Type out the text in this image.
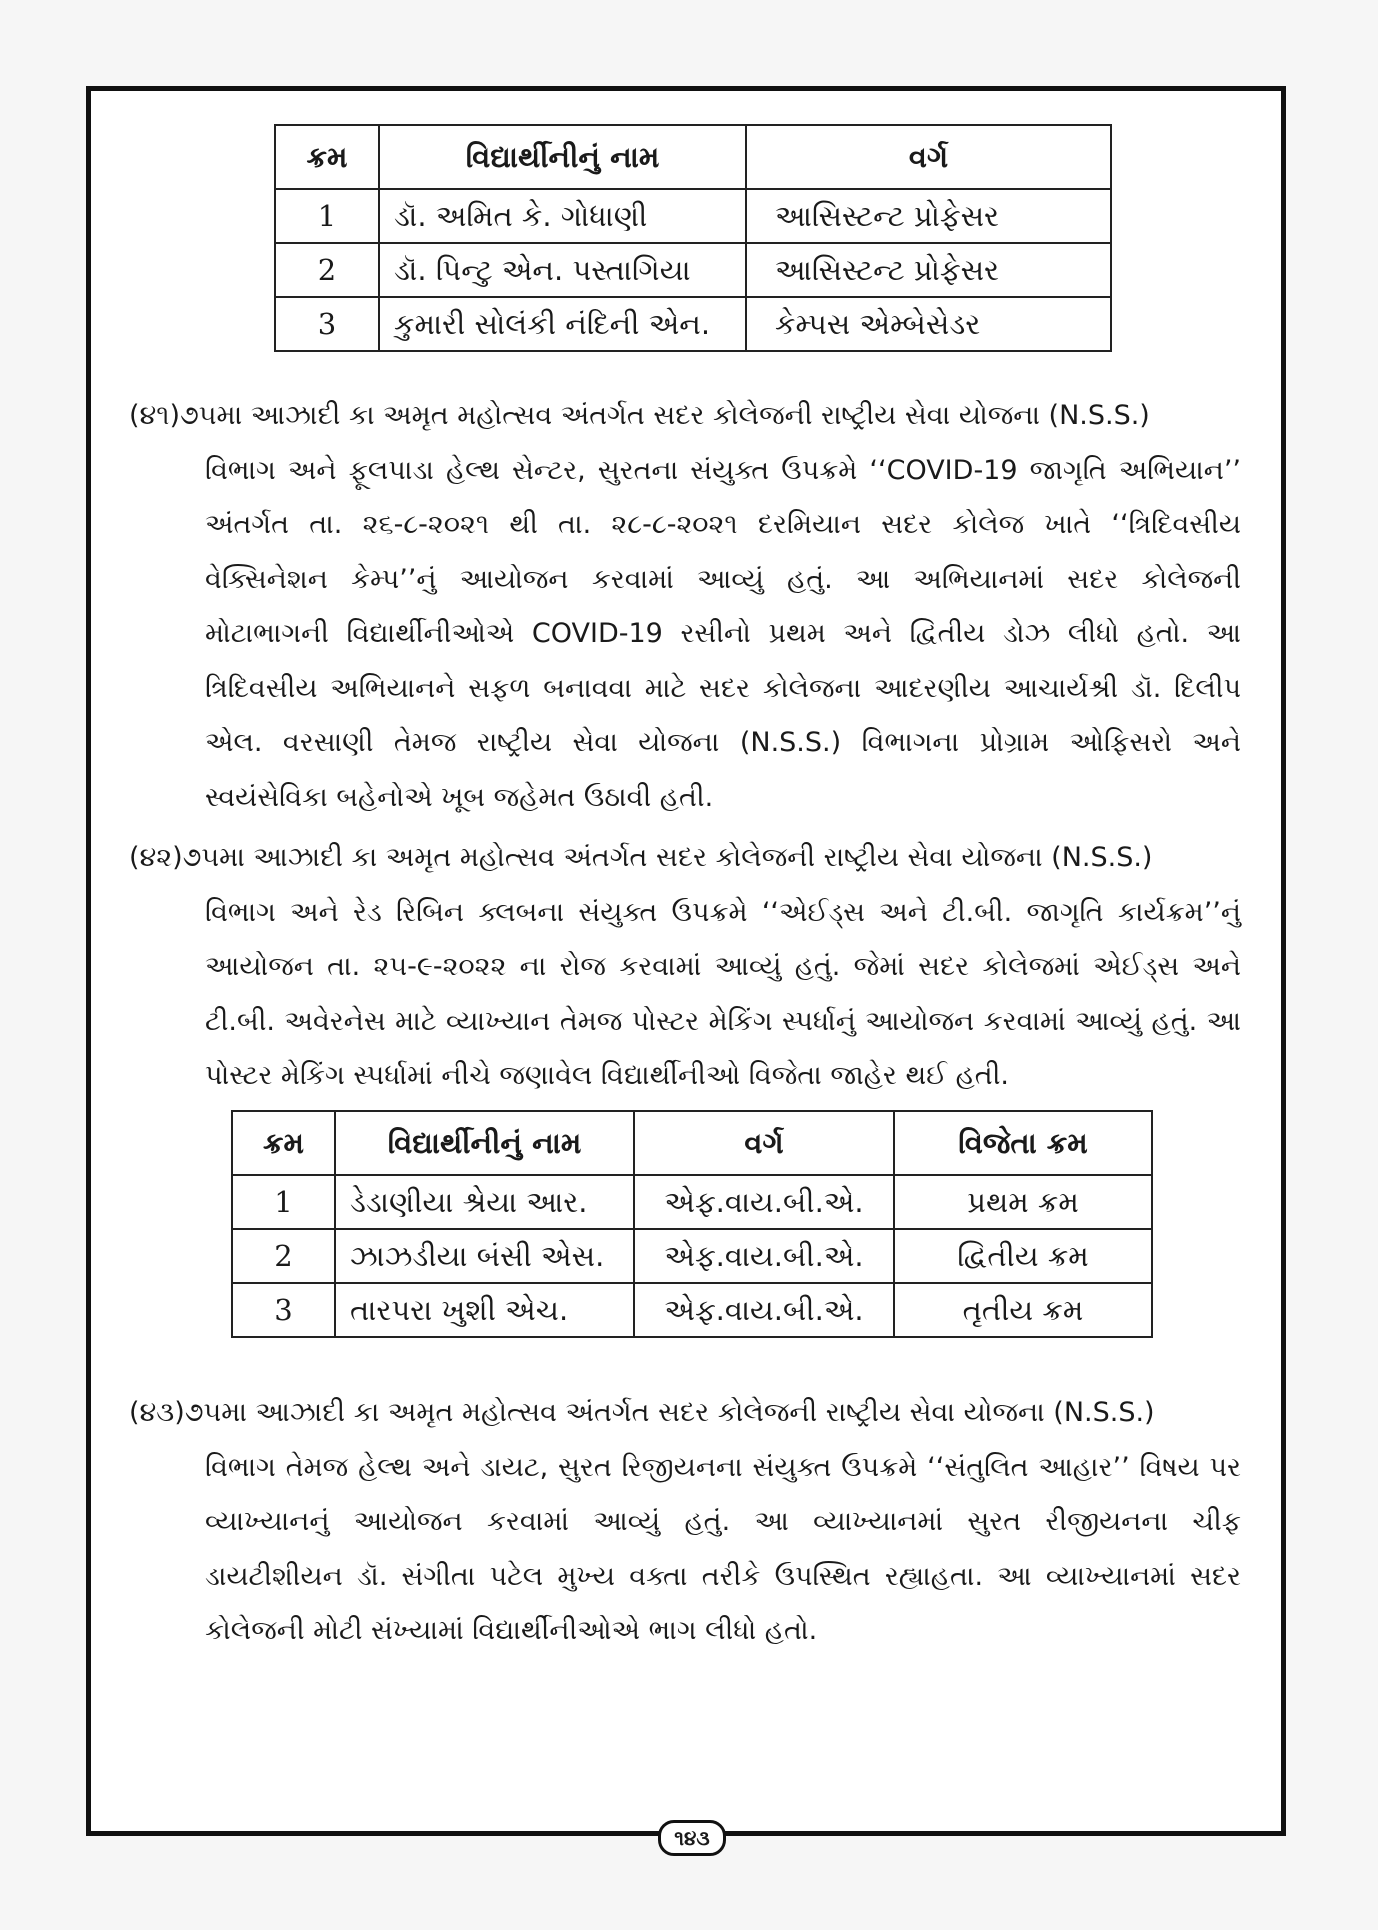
ક્રમ	વિદ્યાર્થીનીનું નામ	વર્ગ
1	ડૉ. અમિત કે. ગોધાણી	આસિસ્ટન્ટ પ્રોફેસર
2	ડૉ. પિન્ટુ એન. પસ્તાગિયા	આસિસ્ટન્ટ પ્રોફેસર
3	કુમારી સોલંકી નંદિની એન.	કેમ્પસ એમ્બેસેડર
(૪૧)૭૫મા આઝાદી કા અમૃત મહોત્સવ અંતર્ગત સદર કોલેજની રાષ્ટ્રીય સેવા યોજના (N.S.S.)
વિભાગ અને ફૂલપાડા હેલ્થ સેન્ટર, સુરતના સંયુક્ત ઉપક્રમે ‘‘COVID-19 જાગૃતિ અભિયાન’’ અંતર્ગત તા. ૨૬-૮-૨૦૨૧ થી તા. ૨૮-૮-૨૦૨૧ દરમિયાન સદર કોલેજ ખાતે ‘‘ત્રિદિવસીય વેક્સિનેશન કેમ્પ’’નું આયોજન કરવામાં આવ્યું હતું. આ અભિયાનમાં સદર કોલેજની મોટાભાગની વિદ્યાર્થીનીઓએ COVID-19 રસીનો પ્રથમ અને દ્વિતીય ડોઝ લીધો હતો. આ ત્રિદિવસીય અભિયાનને સફળ બનાવવા માટે સદર કોલેજના આદરણીય આચાર્યશ્રી ડૉ. દિલીપ એલ. વરસાણી તેમજ રાષ્ટ્રીય સેવા યોજના (N.S.S.) વિભાગના પ્રોગ્રામ ઓફિસરો અને સ્વયંસેવિકા બહેનોએ ખૂબ જહેમત ઉઠાવી હતી.
(૪૨)૭૫મા આઝાદી કા અમૃત મહોત્સવ અંતર્ગત સદર કોલેજની રાષ્ટ્રીય સેવા યોજના (N.S.S.)
વિભાગ અને રેડ રિબિન ક્લબના સંયુક્ત ઉપક્રમે ‘‘એઈડ્સ અને ટી.બી. જાગૃતિ કાર્યક્રમ’’નું આયોજન તા. ૨૫-૯-૨૦૨૨ ના રોજ કરવામાં આવ્યું હતું. જેમાં સદર કોલેજમાં એઈડ્સ અને ટી.બી. અવેરનેસ માટે વ્યાખ્યાન તેમજ પોસ્ટર મેકિંગ સ્પર્ધાનું આયોજન કરવામાં આવ્યું હતું. આ પોસ્ટર મેકિંગ સ્પર્ધામાં નીચે જણાવેલ વિદ્યાર્થીનીઓ વિજેતા જાહેર થઈ હતી.
ક્રમ	વિદ્યાર્થીનીનું નામ	વર્ગ	વિજેતા ક્રમ
1	ડેડાણીયા શ્રેયા આર.	એફ.વાય.બી.એ.	પ્રથમ ક્રમ
2	ઝાઝડીયા બંસી એસ.	એફ.વાય.બી.એ.	દ્વિતીય ક્રમ
3	તારપરા ખુશી એચ.	એફ.વાય.બી.એ.	તૃતીય ક્રમ
(૪૩)૭૫મા આઝાદી કા અમૃત મહોત્સવ અંતર્ગત સદર કોલેજની રાષ્ટ્રીય સેવા યોજના (N.S.S.)
વિભાગ તેમજ હેલ્થ અને ડાયટ, સુરત રિજીયનના સંયુક્ત ઉપક્રમે ‘‘સંતુલિત આહાર’’ વિષય પર વ્યાખ્યાનનું આયોજન કરવામાં આવ્યું હતું. આ વ્યાખ્યાનમાં સુરત રીજીયનના ચીફ ડાયટીશીયન ડૉ. સંગીતા પટેલ મુખ્ય વક્તા તરીકે ઉપસ્થિત રહ્યાહતા. આ વ્યાખ્યાનમાં સદર કોલેજની મોટી સંખ્યામાં વિદ્યાર્થીનીઓએ ભાગ લીધો હતો.
૧૪૩
